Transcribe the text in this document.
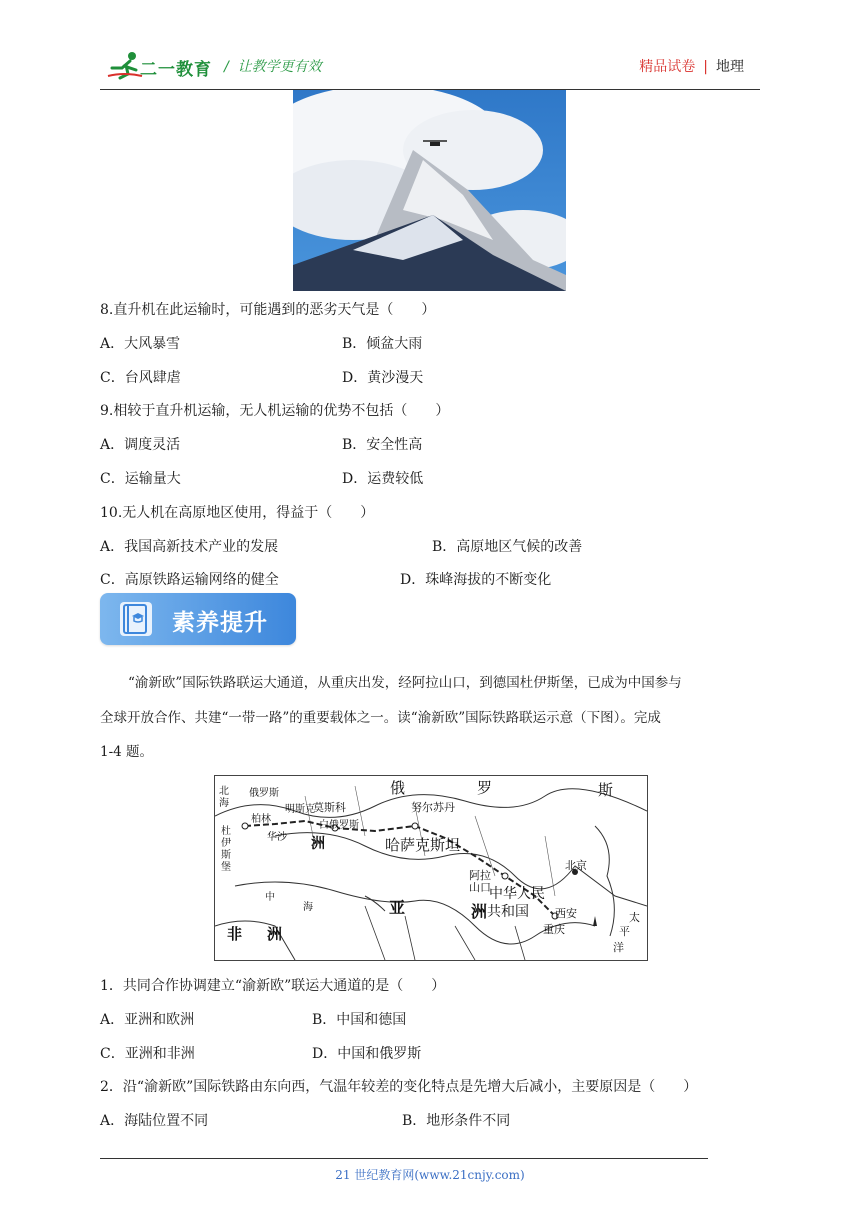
二一教育 /  让教学更有效	精品试卷 | 地理
8.直升机在此运输时，可能遇到的恶劣天气是（　　）
A．大风暴雪	B．倾盆大雨
C．台风肆虐	D．黄沙漫天
9.相较于直升机运输，无人机运输的优势不包括（　　）
A．调度灵活	B．安全性高
C．运输量大	D．运费较低
10.无人机在高原地区使用，得益于（　　）
A．我国高新技术产业的发展	B．高原地区气候的改善
C．高原铁路运输网络的健全	D．珠峰海拔的不断变化
素养提升
“渝新欧”国际铁路联运大通道，从重庆出发，经阿拉山口，到德国杜伊斯堡，已成为中国参与
全球开放合作、共建“一带一路”的重要载体之一。读“渝新欧”国际铁路联运示意（下图）。完成
1-4 题。
俄	罗	斯
莫斯科	努尔苏丹
哈萨克斯坦
北京
阿拉
山口
中华人民
共和国 西安
重庆
亚	洲
洲
非 洲
太
平
洋
柏林
华沙
白俄罗斯
明斯克
杜伊斯堡
北海
中
海
俄罗斯
1．共同合作协调建立“渝新欧”联运大通道的是（　　）
A．亚洲和欧洲	B．中国和德国
C．亚洲和非洲	D．中国和俄罗斯
2．沿“渝新欧”国际铁路由东向西，气温年较差的变化特点是先增大后减小，主要原因是（　　）
A．海陆位置不同	B．地形条件不同
21 世纪教育网(www.21cnjy.com)
